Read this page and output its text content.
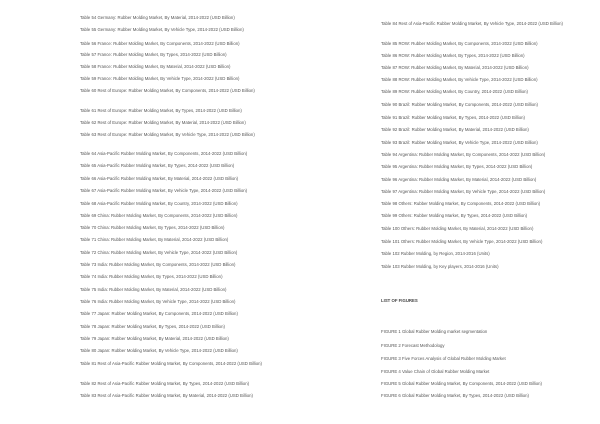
Table 54 Germany: Rubber Molding Market, By Material, 2014-2022 (USD Billion)
Table 55 Germany: Rubber Molding Market, By Vehicle Type, 2014-2022 (USD Billion)
Table 56 France: Rubber Molding Market, By Components, 2014-2022 (USD Billion)
Table 57 France: Rubber Molding Market, By Types, 2014-2022 (USD Billion)
Table 58 France: Rubber Molding Market, By Material, 2014-2022 (USD Billion)
Table 59 France: Rubber Molding Market, By Vehicle Type, 2014-2022 (USD Billion)
Table 60 Rest of Europe: Rubber Molding Market, By Components, 2014-2022 (USD Billion)
Table 61 Rest of Europe: Rubber Molding Market, By Types, 2014-2022 (USD Billion)
Table 62 Rest of Europe: Rubber Molding Market, By Material, 2014-2022 (USD Billion)
Table 63 Rest of Europe: Rubber Molding Market, By Vehicle Type, 2014-2022 (USD Billion)
Table 64 Asia-Pacific Rubber Molding Market, By Components, 2014-2022 (USD Billion)
Table 65 Asia-Pacific Rubber Molding Market, By Types, 2014-2022 (USD Billion)
Table 66 Asia-Pacific Rubber Molding Market, By Material, 2014-2022 (USD Billion)
Table 67 Asia-Pacific Rubber Molding Market, By Vehicle Type, 2014-2022 (USD Billion)
Table 68 Asia-Pacific Rubber Molding Market, By Country, 2014-2022 (USD Billion)
Table 69 China: Rubber Molding Market, By Components, 2014-2022 (USD Billion)
Table 70 China: Rubber Molding Market, By Types, 2014-2022 (USD Billion)
Table 71 China: Rubber Molding Market, By Material, 2014-2022 (USD Billion)
Table 72 China: Rubber Molding Market, By Vehicle Type, 2014-2022 (USD Billion)
Table 73 India: Rubber Molding Market, By Components, 2014-2022 (USD Billion)
Table 74 India: Rubber Molding Market, By Types, 2014-2022 (USD Billion)
Table 75 India: Rubber Molding Market, By Material, 2014-2022 (USD Billion)
Table 76 India: Rubber Molding Market, By Vehicle Type, 2014-2022 (USD Billion)
Table 77 Japan: Rubber Molding Market, By Components, 2014-2022 (USD Billion)
Table 78 Japan: Rubber Molding Market, By Types, 2014-2022 (USD Billion)
Table 79 Japan: Rubber Molding Market, By Material, 2014-2022 (USD Billion)
Table 80 Japan: Rubber Molding Market, By Vehicle Type, 2014-2022 (USD Billion)
Table 81 Rest of Asia-Pacific Rubber Molding Market, By Components, 2014-2022 (USD Billion)
Table 82 Rest of Asia-Pacific Rubber Molding Market, By Types, 2014-2022 (USD Billion)
Table 83 Rest of Asia-Pacific Rubber Molding Market, By Material, 2014-2022 (USD Billion)
Table 84 Rest of Asia-Pacific Rubber Molding Market, By Vehicle Type, 2014-2022 (USD Billion)
Table 85 ROW: Rubber Molding Market, By Components, 2014-2022 (USD Billion)
Table 86 ROW: Rubber Molding Market, By Types, 2014-2022 (USD Billion)
Table 87 ROW: Rubber Molding Market, By Material, 2014-2022 (USD Billion)
Table 88 ROW: Rubber Molding Market, By Vehicle Type, 2014-2022 (USD Billion)
Table 89 ROW: Rubber Molding Market, By Country, 2014-2022 (USD Billion)
Table 90 Brazil: Rubber Molding Market, By Components, 2014-2022 (USD Billion)
Table 91 Brazil: Rubber Molding Market, By Types, 2014-2022 (USD Billion)
Table 92 Brazil: Rubber Molding Market, By Material, 2014-2022 (USD Billion)
Table 93 Brazil: Rubber Molding Market, By Vehicle Type, 2014-2022 (USD Billion)
Table 94 Argentina: Rubber Molding Market, By Components, 2014-2022 (USD Billion)
Table 95 Argentina: Rubber Molding Market, By Types, 2014-2022 (USD Billion)
Table 96 Argentina: Rubber Molding Market, By Material, 2014-2022 (USD Billion)
Table 97 Argentina: Rubber Molding Market, By Vehicle Type, 2014-2022 (USD Billion)
Table 98 Others: Rubber Molding Market, By Components, 2014-2022 (USD Billion)
Table 99 Others: Rubber Molding Market, By Types, 2014-2022 (USD Billion)
Table 100 Others: Rubber Molding Market, By Material, 2014-2022 (USD Billion)
Table 101 Others: Rubber Molding Market, By Vehicle Type, 2014-2022 (USD Billion)
Table 102 Rubber Molding, by Region, 2014-2016 (Units)
Table 103 Rubber Molding, by Key players, 2014-2016 (Units)
LIST OF FIGURES
FIGURE 1 Global Rubber Molding market segmentation
FIGURE 2 Forecast Methodology
FIGURE 3 Five Forces Analysis of Global Rubber Molding Market
FIGURE 4 Value Chain of Global Rubber Molding Market
FIGURE 5 Global Rubber Molding Market, By Components, 2014-2022 (USD Billion)
FIGURE 6 Global Rubber Molding Market, By Types, 2014-2022 (USD Billion)
